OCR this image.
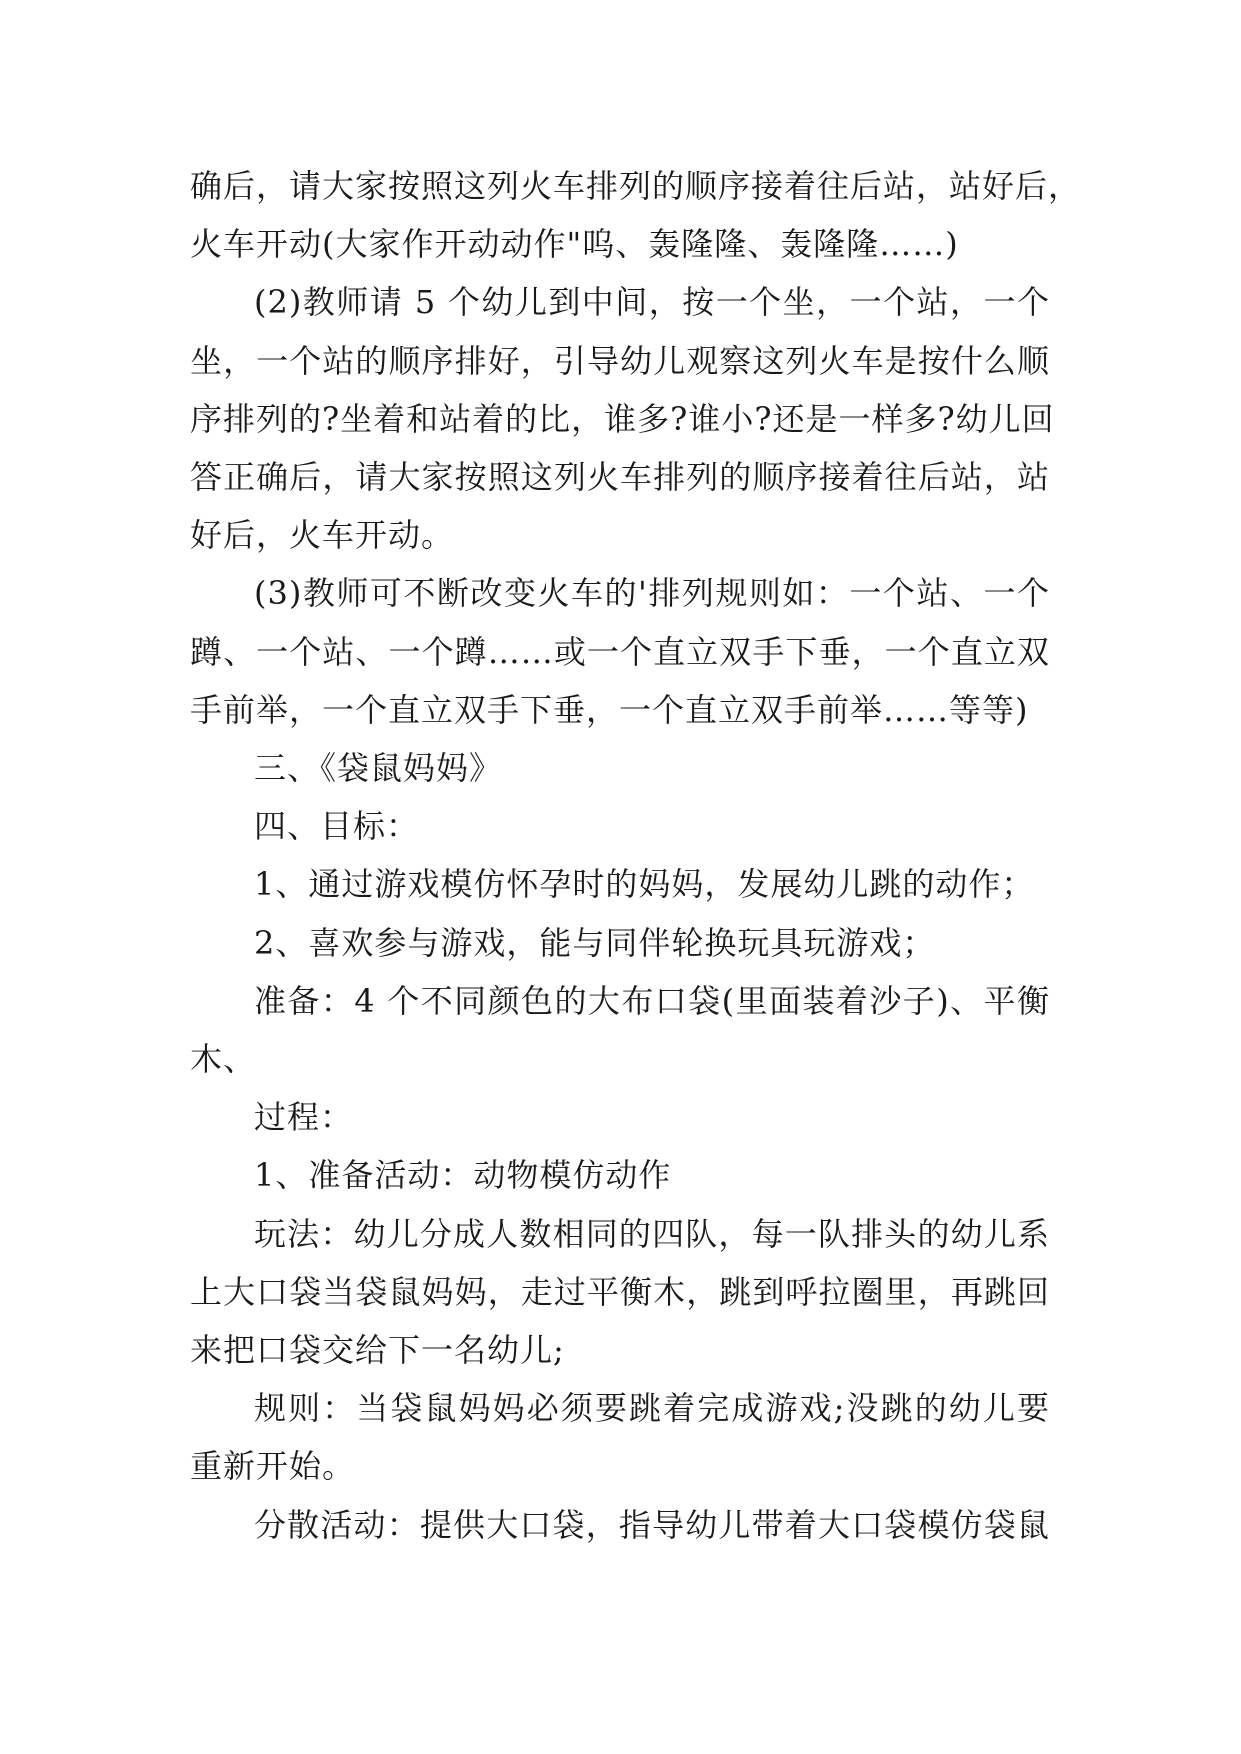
确后，请大家按照这列火车排列的顺序接着往后站，站好后，
火车开动(大家作开动动作"呜、轰隆隆、轰隆隆……)

(2)教师请 5 个幼儿到中间，按一个坐，一个站，一个
坐，一个站的顺序排好，引导幼儿观察这列火车是按什么顺
序排列的?坐着和站着的比，谁多?谁小?还是一样多?幼儿回
答正确后，请大家按照这列火车排列的顺序接着往后站，站
好后，火车开动。

(3)教师可不断改变火车的'排列规则如：一个站、一个
蹲、一个站、一个蹲……或一个直立双手下垂，一个直立双
手前举，一个直立双手下垂，一个直立双手前举……等等)

三、《袋鼠妈妈》

四、目标：

1、通过游戏模仿怀孕时的妈妈，发展幼儿跳的动作；

2、喜欢参与游戏，能与同伴轮换玩具玩游戏；

准备：4 个不同颜色的大布口袋(里面装着沙子)、平衡
木、

过程：

1、准备活动：动物模仿动作

玩法：幼儿分成人数相同的四队，每一队排头的幼儿系
上大口袋当袋鼠妈妈，走过平衡木，跳到呼拉圈里，再跳回
来把口袋交给下一名幼儿;

规则：当袋鼠妈妈必须要跳着完成游戏;没跳的幼儿要
重新开始。

分散活动：提供大口袋，指导幼儿带着大口袋模仿袋鼠
